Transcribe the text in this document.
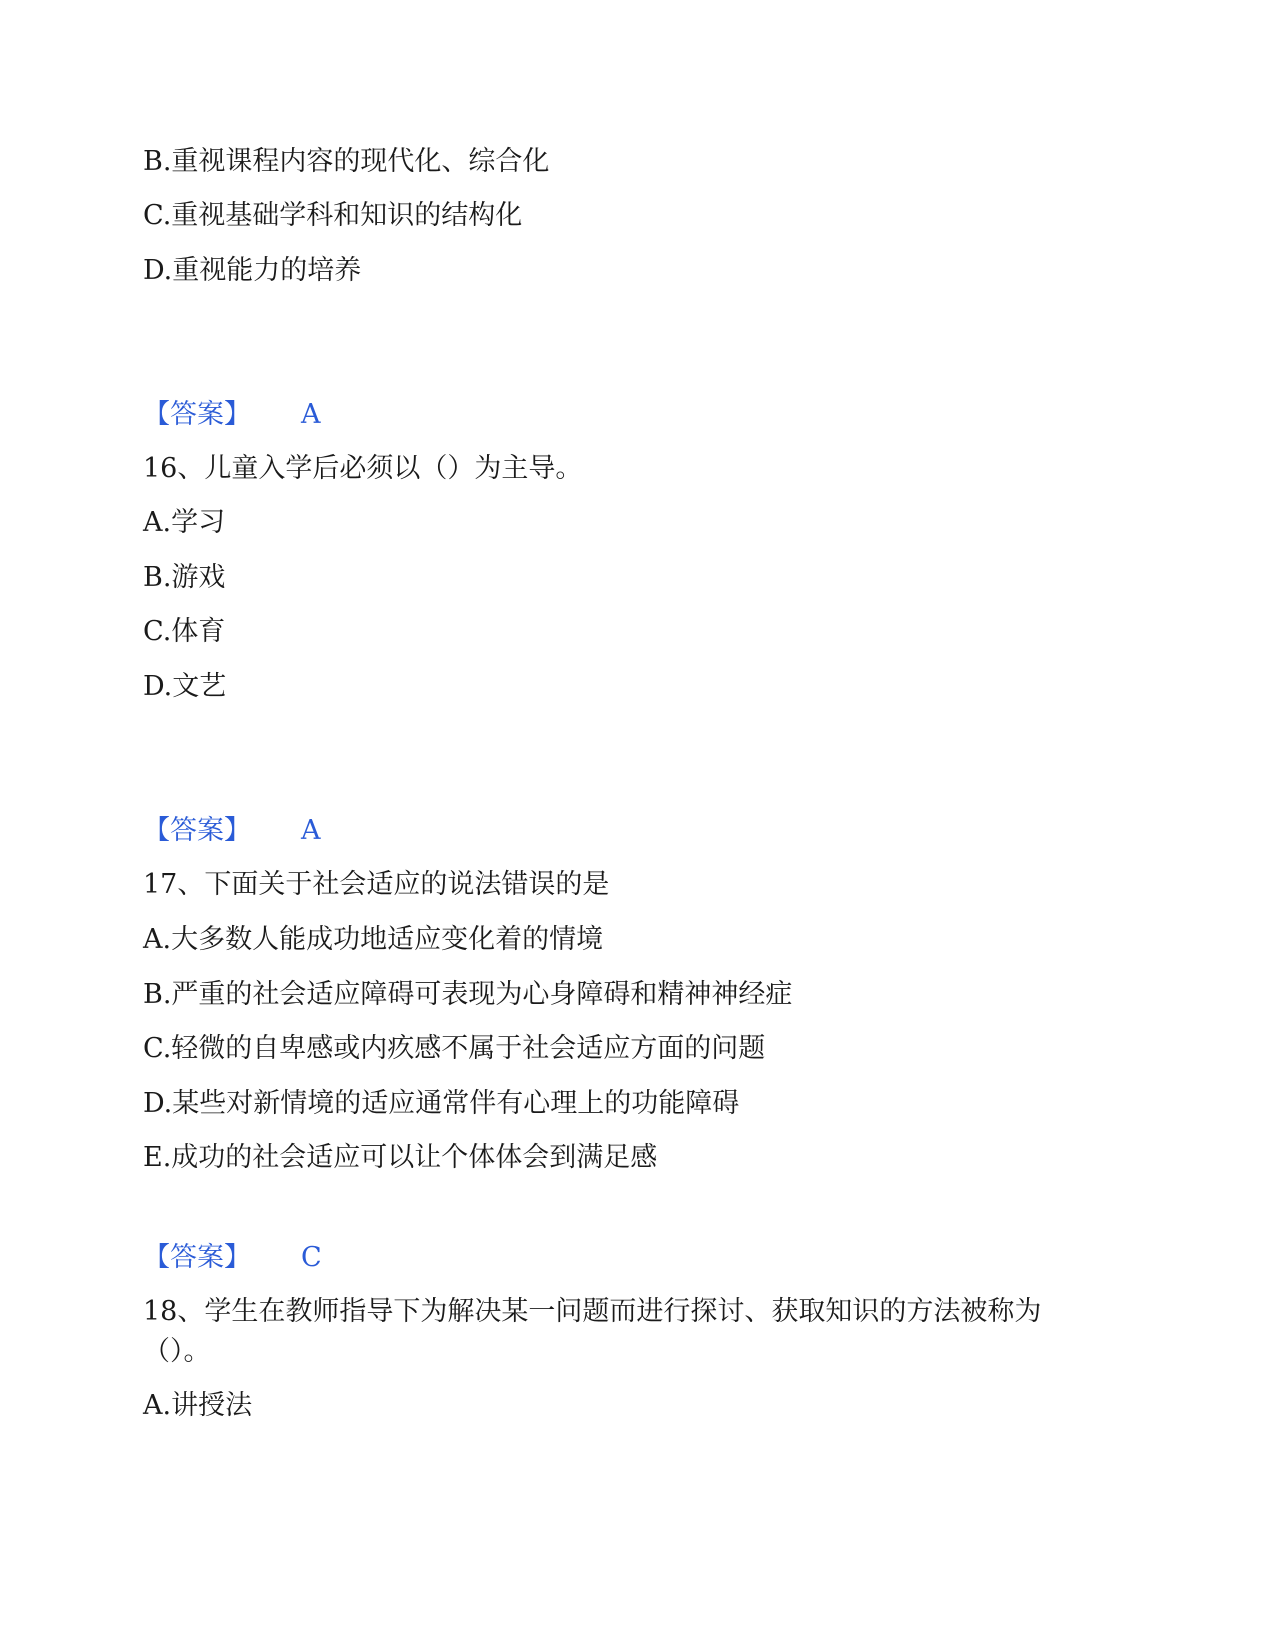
B.重视课程内容的现代化、综合化
C.重视基础学科和知识的结构化
D.重视能力的培养
【答案】 A
16、儿童入学后必须以（）为主导。
A.学习
B.游戏
C.体育
D.文艺
【答案】 A
17、下面关于社会适应的说法错误的是
A.大多数人能成功地适应变化着的情境
B.严重的社会适应障碍可表现为心身障碍和精神神经症
C.轻微的自卑感或内疚感不属于社会适应方面的问题
D.某些对新情境的适应通常伴有心理上的功能障碍
E.成功的社会适应可以让个体体会到满足感
【答案】 C
18、学生在教师指导下为解决某一问题而进行探讨、获取知识的方法被称为
（）。
A.讲授法
